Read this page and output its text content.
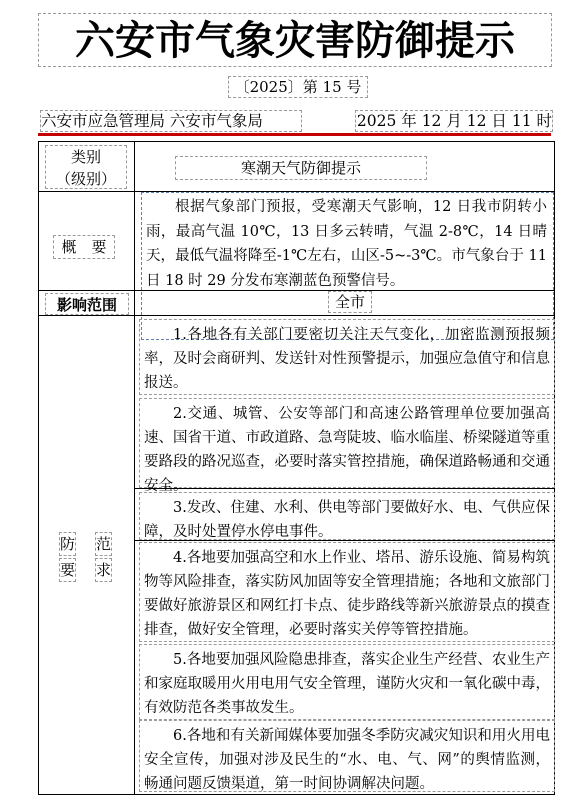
六安市气象灾害防御提示
〔2025〕第 15 号
六安市应急管理局 六安市气象局	2025 年 12 月 12 日 11 时
类别
（级别）
寒潮天气防御提示
概　要
根据气象部门预报，受寒潮天气影响，12 日我市阴转小雨，最高气温 10℃，13 日多云转晴，气温 2-8℃，14 日晴天，最低气温将降至-1℃左右，山区-5~-3℃。市气象台于 11 日 18 时 29 分发布寒潮蓝色预警信号。
影响范围	全市
防 范
要 求
1.各地各有关部门要密切关注天气变化，加密监测预报频率，及时会商研判、发送针对性预警提示，加强应急值守和信息报送。
2.交通、城管、公安等部门和高速公路管理单位要加强高速、国省干道、市政道路、急弯陡坡、临水临崖、桥梁隧道等重要路段的路况巡查，必要时落实管控措施，确保道路畅通和交通安全。
3.发改、住建、水利、供电等部门要做好水、电、气供应保障，及时处置停水停电事件。
4.各地要加强高空和水上作业、塔吊、游乐设施、简易构筑物等风险排查，落实防风加固等安全管理措施；各地和文旅部门要做好旅游景区和网红打卡点、徒步路线等新兴旅游景点的摸查排查，做好安全管理，必要时落实关停等管控措施。
5.各地要加强风险隐患排查，落实企业生产经营、农业生产和家庭取暖用火用电用气安全管理，谨防火灾和一氧化碳中毒，有效防范各类事故发生。
6.各地和有关新闻媒体要加强冬季防灾减灾知识和用火用电安全宣传，加强对涉及民生的“水、电、气、网”的舆情监测，畅通问题反馈渠道，第一时间协调解决问题。
